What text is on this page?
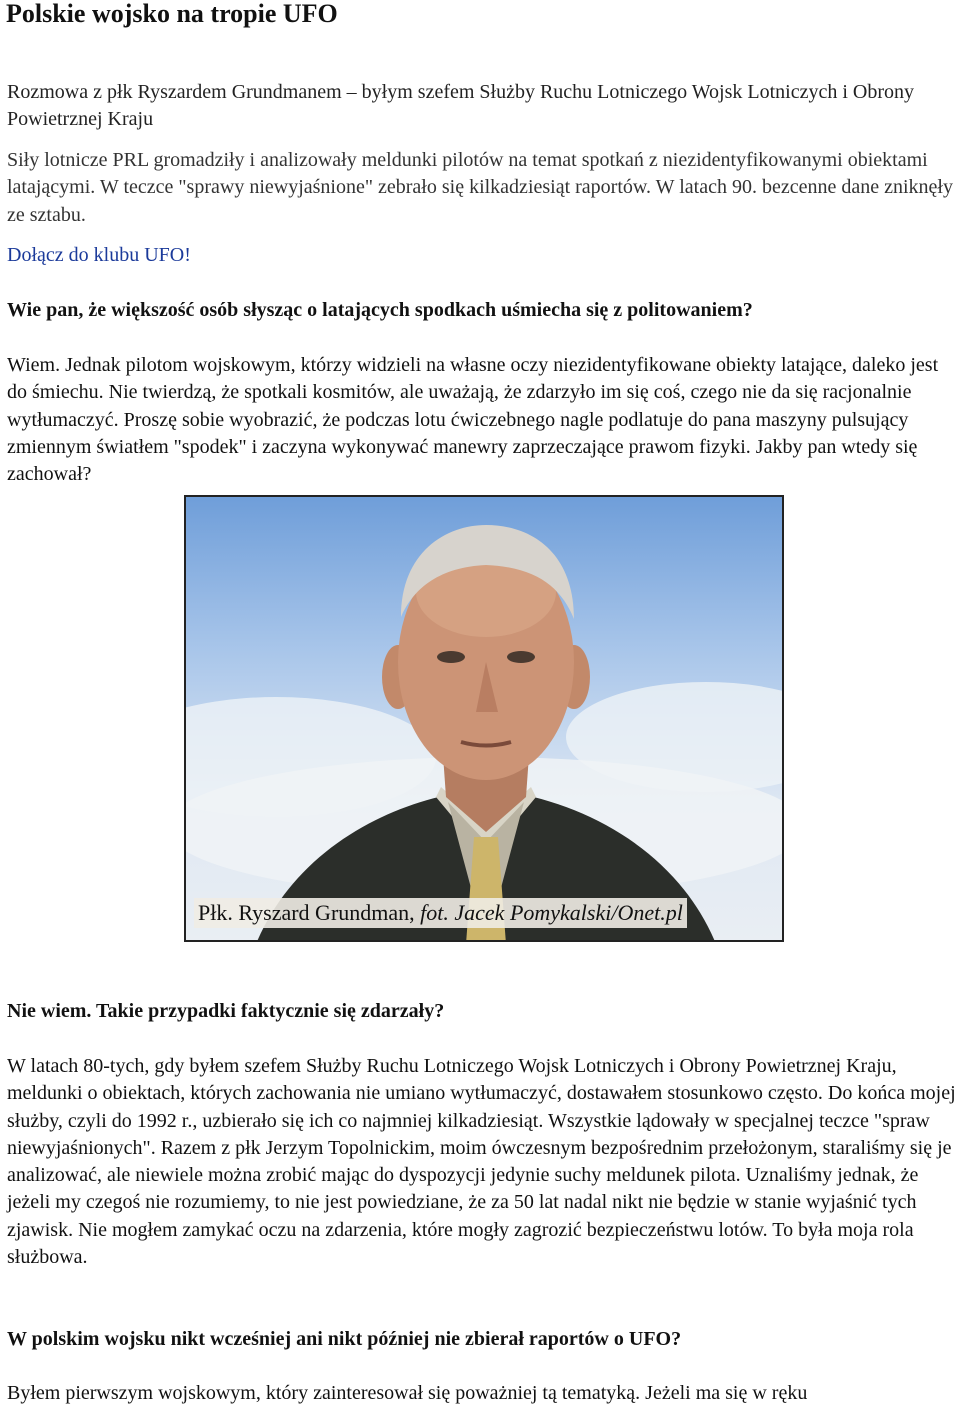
Polskie wojsko na tropie UFO

Rozmowa z płk Ryszardem Grundmanem – byłym szefem Służby Ruchu Lotniczego Wojsk Lotniczych i Obrony Powietrznej Kraju

Siły lotnicze PRL gromadziły i analizowały meldunki pilotów na temat spotkań z niezidentyfikowanymi obiektami latającymi. W teczce "sprawy niewyjaśnione" zebrało się kilkadziesiąt raportów. W latach 90. bezcenne dane zniknęły ze sztabu.

Dołącz do klubu UFO!

Wie pan, że większość osób słysząc o latających spodkach uśmiecha się z politowaniem?

Wiem. Jednak pilotom wojskowym, którzy widzieli na własne oczy niezidentyfikowane obiekty latające, daleko jest do śmiechu. Nie twierdzą, że spotkali kosmitów, ale uważają, że zdarzyło im się coś, czego nie da się racjonalnie wytłumaczyć. Proszę sobie wyobrazić, że podczas lotu ćwiczebnego nagle podlatuje do pana maszyny pulsujący zmiennym światłem "spodek" i zaczyna wykonywać manewry zaprzeczające prawom fizyki. Jakby pan wtedy się zachował?

Płk. Ryszard Grundman, fot. Jacek Pomykalski/Onet.pl

Nie wiem. Takie przypadki faktycznie się zdarzały?

W latach 80-tych, gdy byłem szefem Służby Ruchu Lotniczego Wojsk Lotniczych i Obrony Powietrznej Kraju, meldunki o obiektach, których zachowania nie umiano wytłumaczyć, dostawałem stosunkowo często. Do końca mojej służby, czyli do 1992 r., uzbierało się ich co najmniej kilkadziesiąt. Wszystkie lądowały w specjalnej teczce "spraw niewyjaśnionych". Razem z płk Jerzym Topolnickim, moim ówczesnym bezpośrednim przełożonym, staraliśmy się je analizować, ale niewiele można zrobić mając do dyspozycji jedynie suchy meldunek pilota. Uznaliśmy jednak, że jeżeli my czegoś nie rozumiemy, to nie jest powiedziane, że za 50 lat nadal nikt nie będzie w stanie wyjaśnić tych zjawisk. Nie mogłem zamykać oczu na zdarzenia, które mogły zagrozić bezpieczeństwu lotów. To była moja rola służbowa.

W polskim wojsku nikt wcześniej ani nikt później nie zbierał raportów o UFO?

Byłem pierwszym wojskowym, który zainteresował się poważniej tą tematyką. Jeżeli ma się w ręku
